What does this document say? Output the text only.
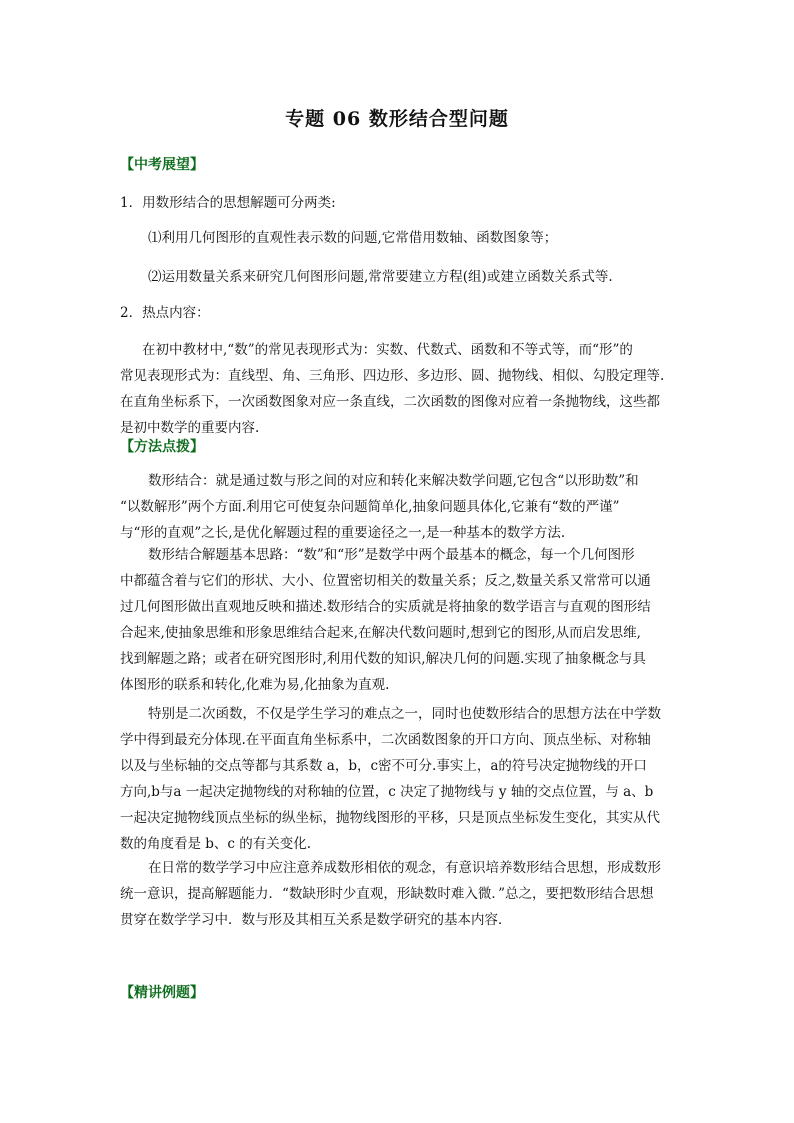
专题 06 数形结合型问题
【中考展望】
1．用数形结合的思想解题可分两类:
⑴利用几何图形的直观性表示数的问题,它常借用数轴、函数图象等；
⑵运用数量关系来研究几何图形问题,常常要建立方程(组)或建立函数关系式等.
2．热点内容：
在初中教材中,“数”的常见表现形式为：实数、代数式、函数和不等式等，而“形”的
常见表现形式为：直线型、角、三角形、四边形、多边形、圆、抛物线、相似、勾股定理等.
在直角坐标系下，一次函数图象对应一条直线，二次函数的图像对应着一条抛物线，这些都
是初中数学的重要内容.
【方法点拨】
数形结合：就是通过数与形之间的对应和转化来解决数学问题,它包含“以形助数”和
“以数解形”两个方面.利用它可使复杂问题简单化,抽象问题具体化,它兼有“数的严谨”
与“形的直观”之长,是优化解题过程的重要途径之一,是一种基本的数学方法.
数形结合解题基本思路：“数”和“形”是数学中两个最基本的概念，每一个几何图形
中都蕴含着与它们的形状、大小、位置密切相关的数量关系；反之,数量关系又常常可以通
过几何图形做出直观地反映和描述.数形结合的实质就是将抽象的数学语言与直观的图形结
合起来,使抽象思维和形象思维结合起来,在解决代数问题时,想到它的图形,从而启发思维,
找到解题之路；或者在研究图形时,利用代数的知识,解决几何的问题.实现了抽象概念与具
体图形的联系和转化,化难为易,化抽象为直观.
特别是二次函数，不仅是学生学习的难点之一，同时也使数形结合的思想方法在中学数
学中得到最充分体现.在平面直角坐标系中，二次函数图象的开口方向、顶点坐标、对称轴
以及与坐标轴的交点等都与其系数 a，b，c密不可分.事实上，a的符号决定抛物线的开口
方向,b与a 一起决定抛物线的对称轴的位置，c 决定了抛物线与 y 轴的交点位置，与 a、b
一起决定抛物线顶点坐标的纵坐标，抛物线图形的平移，只是顶点坐标发生变化，其实从代
数的角度看是 b、c 的有关变化.
在日常的数学学习中应注意养成数形相依的观念，有意识培养数形结合思想，形成数形
统一意识，提高解题能力．“数缺形时少直观，形缺数时难入微．”总之，要把数形结合思想
贯穿在数学学习中．数与形及其相互关系是数学研究的基本内容．
【精讲例题】
